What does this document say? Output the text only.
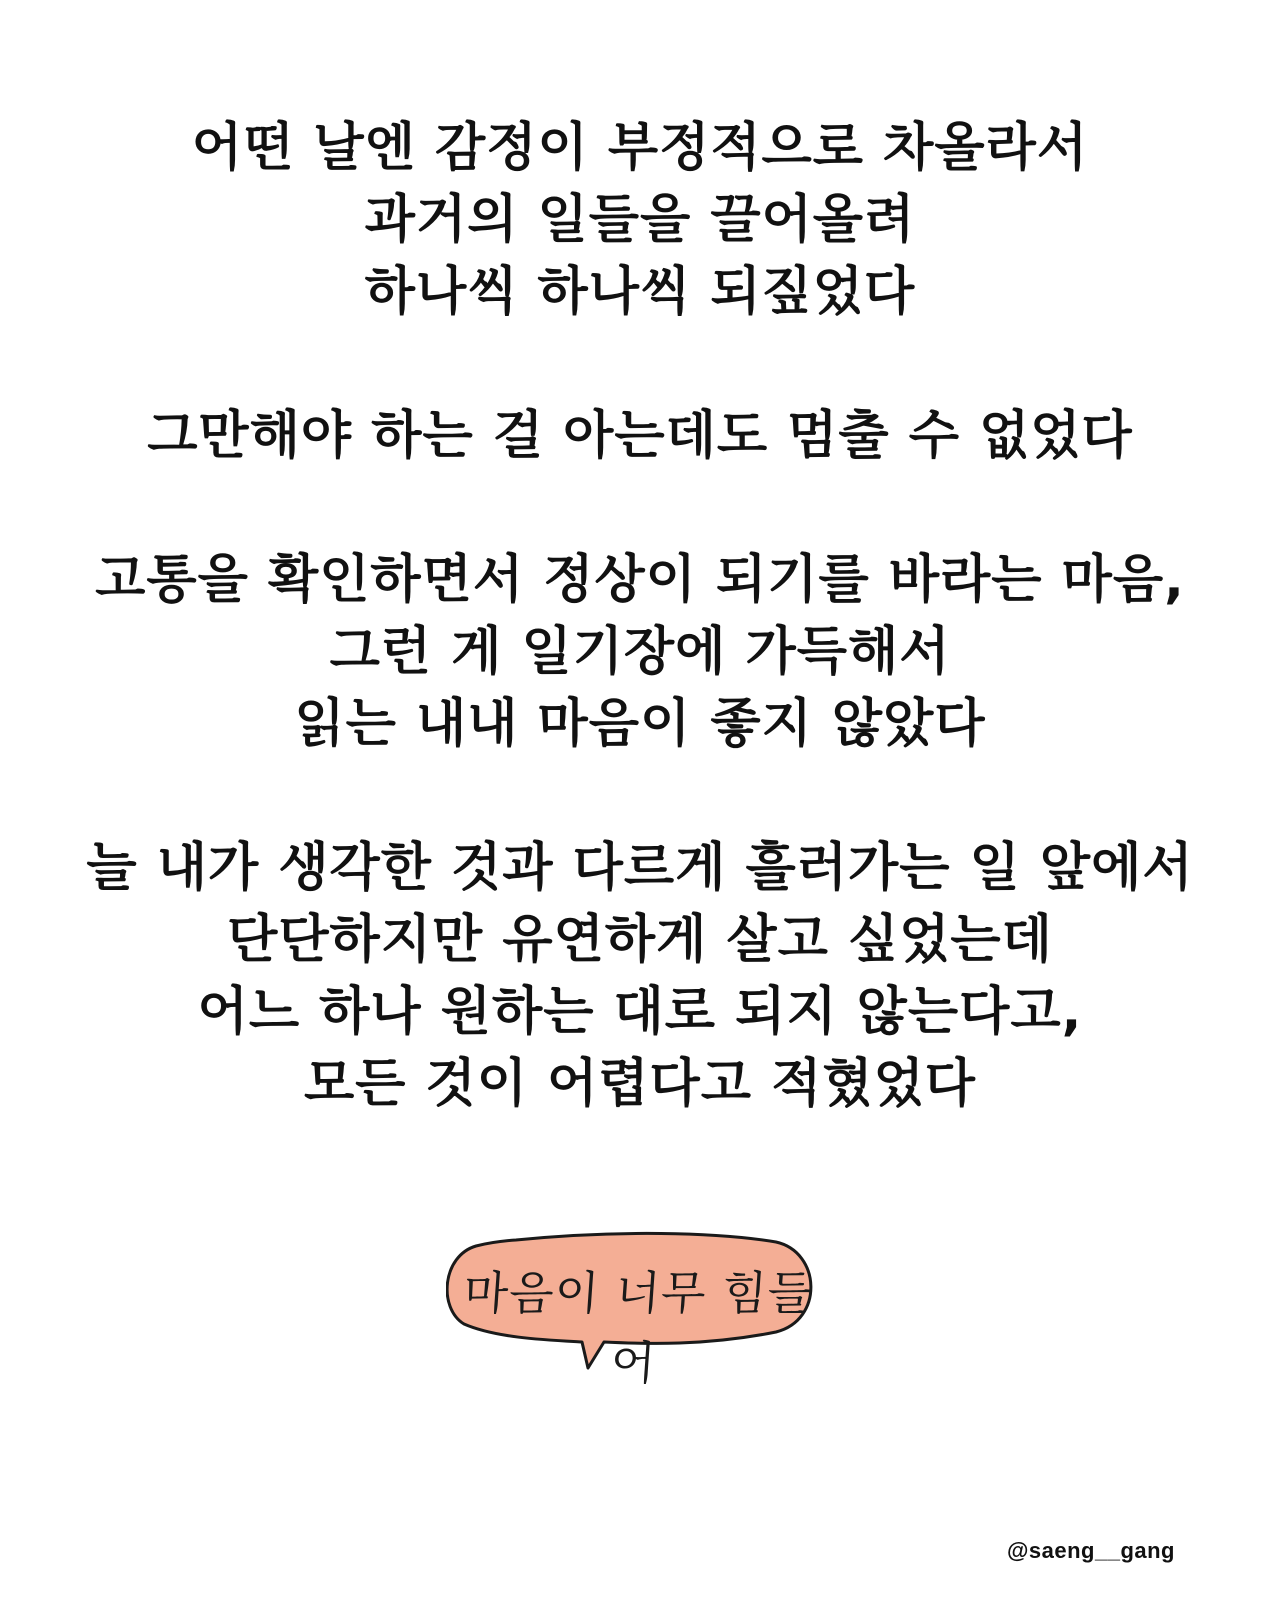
어떤 날엔 감정이 부정적으로 차올라서
과거의 일들을 끌어올려
하나씩 하나씩 되짚었다
그만해야 하는 걸 아는데도 멈출 수 없었다
고통을 확인하면서 정상이 되기를 바라는 마음,
그런 게 일기장에 가득해서
읽는 내내 마음이 좋지 않았다
늘 내가 생각한 것과 다르게 흘러가는 일 앞에서
단단하지만 유연하게 살고 싶었는데
어느 하나 원하는 대로 되지 않는다고,
모든 것이 어렵다고 적혔었다
마음이 너무 힘들어
@saeng__gang
